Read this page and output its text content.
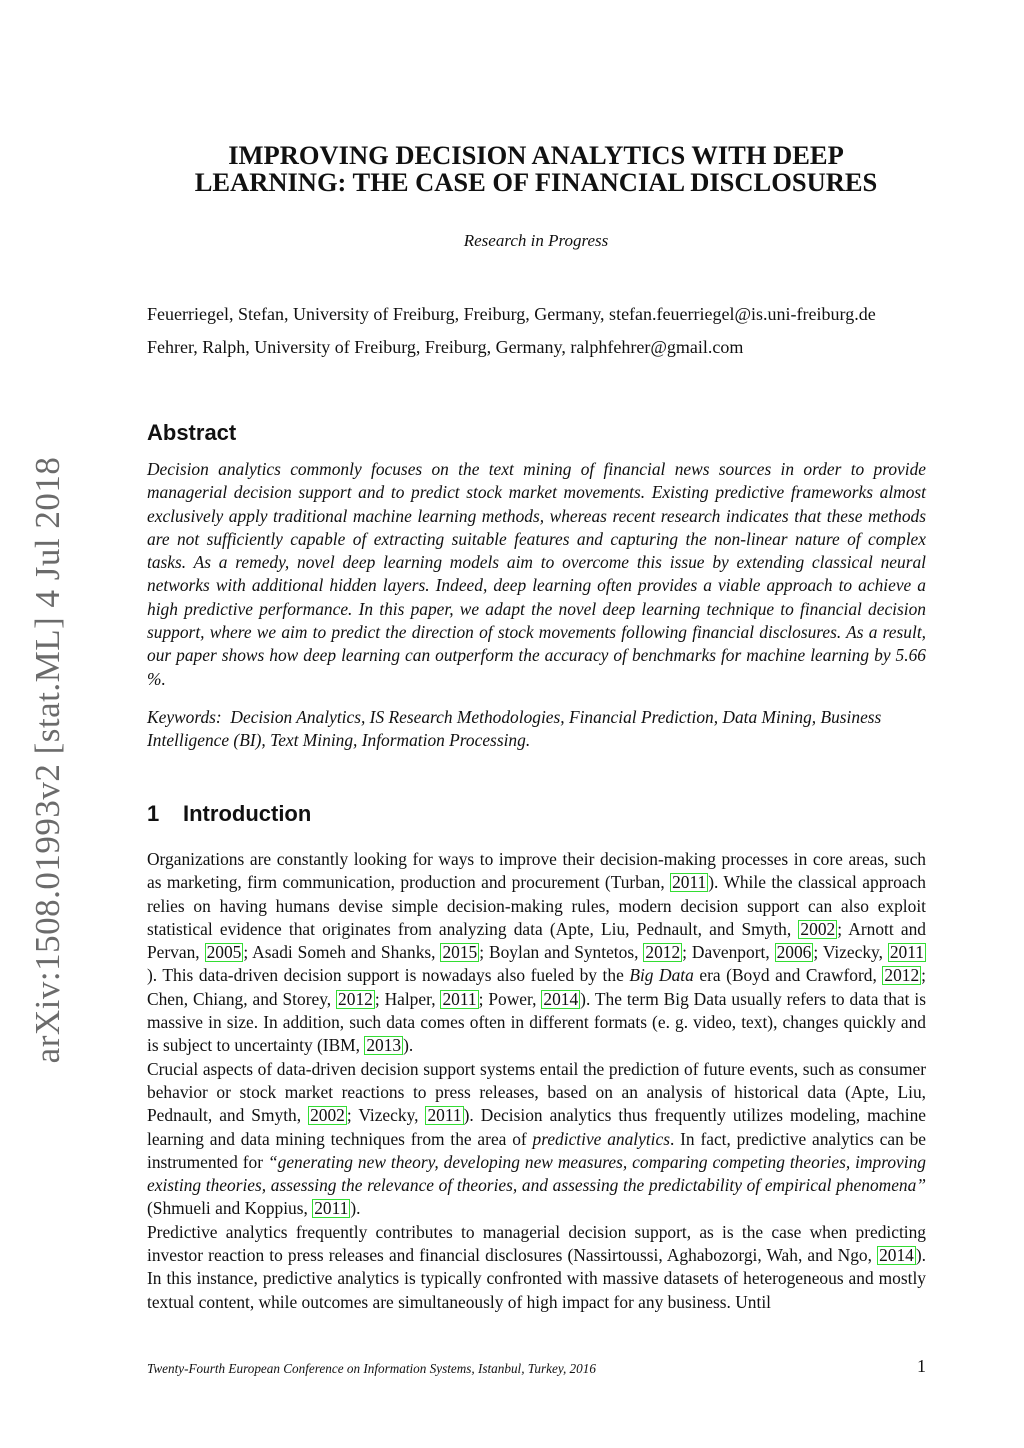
arXiv:1508.01993v2 [stat.ML] 4 Jul 2018
IMPROVING DECISION ANALYTICS WITH DEEP
LEARNING: THE CASE OF FINANCIAL DISCLOSURES
Research in Progress
Feuerriegel, Stefan, University of Freiburg, Freiburg, Germany, stefan.feuerriegel@is.uni-freiburg.de
Fehrer, Ralph, University of Freiburg, Freiburg, Germany, ralphfehrer@gmail.com
Abstract
Decision analytics commonly focuses on the text mining of financial news sources in order to provide managerial decision support and to predict stock market movements. Existing predictive frameworks almost exclusively apply traditional machine learning methods, whereas recent research indicates that these methods are not sufficiently capable of extracting suitable features and capturing the non-linear nature of complex tasks. As a remedy, novel deep learning models aim to overcome this issue by extending classical neural networks with additional hidden layers. Indeed, deep learning often provides a viable approach to achieve a high predictive performance. In this paper, we adapt the novel deep learning technique to financial decision support, where we aim to predict the direction of stock movements following financial disclosures. As a result, our paper shows how deep learning can outperform the accuracy of benchmarks for machine learning by 5.66 %.
Keywords: Decision Analytics, IS Research Methodologies, Financial Prediction, Data Mining, Business Intelligence (BI), Text Mining, Information Processing.
1 Introduction

Organizations are constantly looking for ways to improve their decision-making processes in core areas, such as marketing, firm communication, production and procurement (Turban, 2011 ). While the classical approach relies on having humans devise simple decision-making rules, modern decision support can also exploit statistical evidence that originates from analyzing data (Apte, Liu, Pednault, and Smyth, 2002 ; Arnott and Pervan, 2005 ; Asadi Someh and Shanks, 2015 ; Boylan and Syntetos, 2012 ; Davenport, 2006 ; Vizecky, 2011). This data-driven decision support is nowadays also fueled by the Big Data era (Boyd and Crawford, 2012 ; Chen, Chiang, and Storey, 2012 ; Halper, 2011 ; Power, 2014 ). The term Big Data usually refers to data that is massive in size. In addition, such data comes often in different formats (e. g. video, text), changes quickly and is subject to uncertainty (IBM, 2013 ).

Crucial aspects of data-driven decision support systems entail the prediction of future events, such as consumer behavior or stock market reactions to press releases, based on an analysis of historical data (Apte, Liu, Pednault, and Smyth, 2002 ; Vizecky, 2011 ). Decision analytics thus frequently utilizes modeling, machine learning and data mining techniques from the area of predictive analytics. In fact, predictive analytics can be instrumented for “generating new theory, developing new measures, comparing competing theories, improving existing theories, assessing the relevance of theories, and assessing the predictability of empirical phenomena” (Shmueli and Koppius, 2011 ).

Predictive analytics frequently contributes to managerial decision support, as is the case when predicting investor reaction to press releases and financial disclosures (Nassirtoussi, Aghabozorgi, Wah, and Ngo, 2014 ). In this instance, predictive analytics is typically confronted with massive datasets of heterogeneous and mostly textual content, while outcomes are simultaneously of high impact for any business. Until

Twenty-Fourth European Conference on Information Systems, Istanbul, Turkey, 2016	1
